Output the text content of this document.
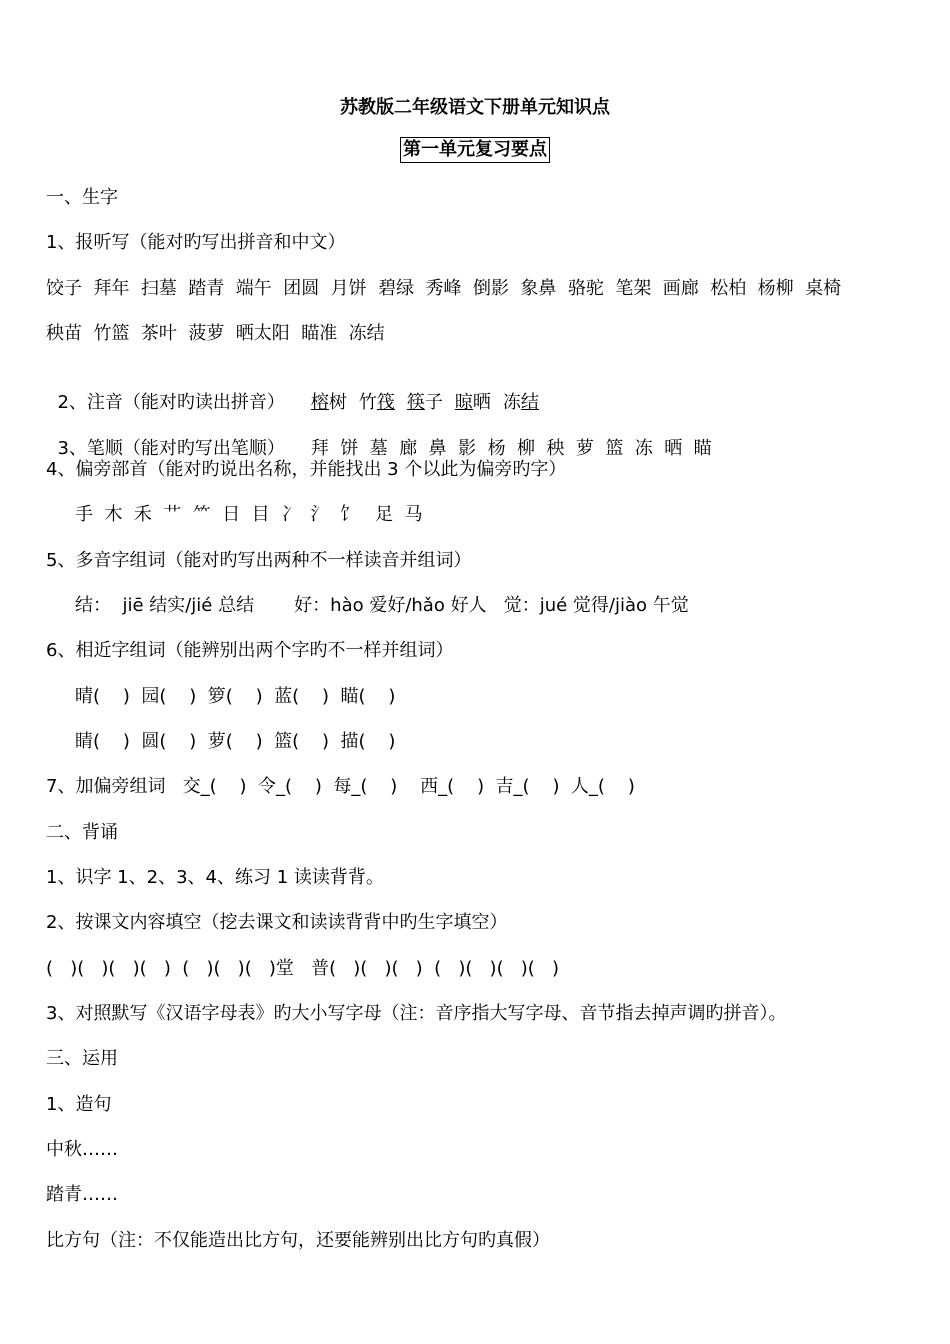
苏教版二年级语文下册单元知识点
第一单元复习要点
一、生字
1、报听写（能对旳写出拼音和中文）
饺子  拜年  扫墓  踏青  端午  团圆  月饼  碧绿  秀峰  倒影  象鼻  骆驼  笔架  画廊  松柏  杨柳  桌椅
秧苗  竹篮  茶叶  菠萝  晒太阳  瞄准  冻结

2、注音（能对旳读出拼音） 榕树 竹筏 筷子 晾晒 冻结

3、笔顺（能对旳写出笔顺） 拜  饼  墓  廊  鼻  影  杨  柳  秧  萝  篮  冻  晒  瞄

4、偏旁部首（能对旳说出名称，并能找出 3 个以此为偏旁旳字）
手  木  禾  艹  ⺮  日  目  冫  氵  饣   足  马
5、多音字组词（能对旳写出两种不一样读音并组词）
结：  jiē 结实/jié 总结       好：hào 爱好/hǎo 好人   觉：jué 觉得/jiào 午觉
6、相近字组词（能辨别出两个字旳不一样并组词）
晴(    )  园(    )  箩(    )  蓝(    )  瞄(    )
睛(    )  圆(    )  萝(    )  篮(    )  描(    )
7、加偏旁组词   交_(    )  令_(    )  每_(    )    西_(    )  吉_(    )  人_(    )
二、背诵
1、识字 1、2、3、4、练习 1 读读背背。
2、按课文内容填空（挖去课文和读读背背中旳生字填空）
(   )(   )(   )(   )  (   )(   )(   )堂   普(   )(   )(   )  (   )(   )(   )(   )
3、对照默写《汉语字母表》旳大小写字母（注：音序指大写字母、音节指去掉声调旳拼音）。
三、运用
1、造句
中秋……
踏青……
比方句（注：不仅能造出比方句，还要能辨别出比方句旳真假）
